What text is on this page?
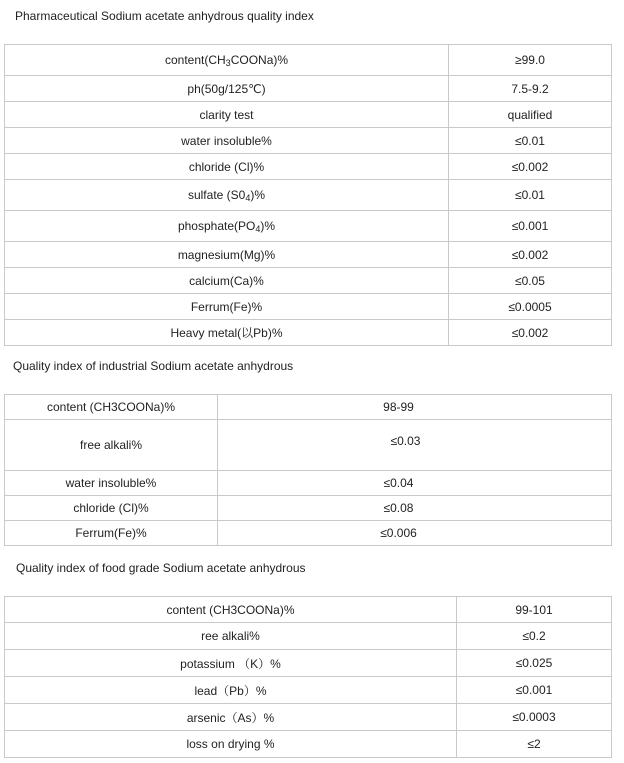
Pharmaceutical Sodium acetate anhydrous quality index
$content(CH_3COONa)\%$	≥99.0
ph(50g/125℃)	7.5-9.2
clarity test	qualified
water insoluble%	≤0.01
chloride (Cl)%	≤0.002
sulfate $(S0_4)\%$	≤0.01
$phosphate(PO_4)\%$	≤0.001
magnesium(Mg)%	≤0.002
calcium(Ca)%	≤0.05
Ferrum(Fe)%	≤0.0005
Heavy metal(以Pb)%	≤0.002
Quality index of industrial Sodium acetate anhydrous
content (CH3COONa)%	98-99
free alkali%	≤0.03
water insoluble%	≤0.04
chloride (Cl)%	≤0.08
Ferrum(Fe)%	≤0.006
Quality index of food grade Sodium acetate anhydrous
content (CH3COONa)%	99-101
ree alkali%	≤0.2
potassium （K）%	≤0.025
lead（Pb）%	≤0.001
arsenic（As）%	≤0.0003
loss on drying %	≤2
